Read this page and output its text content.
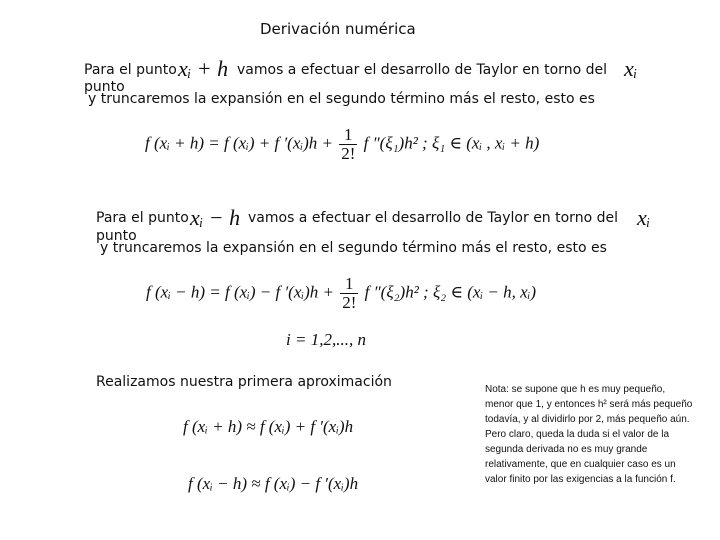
Derivación numérica
Para el punto
punto
xᵢ + h vamos a efectuar el desarrollo de Taylor en torno del xᵢ
y truncaremos la expansión en el segundo término más el resto, esto es
f (xᵢ + h) = f (xᵢ) + f ′(xᵢ)h + $\frac{1}{2!}$ f ″(ξ₁)h² ; ξ₁ ∈ (xᵢ , xᵢ + h)
Para el punto
punto
xᵢ − h vamos a efectuar el desarrollo de Taylor en torno del xᵢ
y truncaremos la expansión en el segundo término más el resto, esto es
f (xᵢ − h) = f (xᵢ) − f ′(xᵢ)h + $\frac{1}{2!}$ f ″(ξ₂)h² ; ξ₂ ∈ (xᵢ − h, xᵢ)
i = 1,2,..., n
Realizamos nuestra primera aproximación
f (xᵢ + h) ≈ f (xᵢ) + f ′(xᵢ)h
f (xᵢ − h) ≈ f (xᵢ) − f ′(xᵢ)h
Nota: se supone que h es muy pequeño, menor que 1, y entonces h² será más pequeño todavía, y al dividirlo por 2, más pequeño aún. Pero claro, queda la duda si el valor de la segunda derivada no es muy grande relativamente, que en cualquier caso es un valor finito por las exigencias a la función f.
